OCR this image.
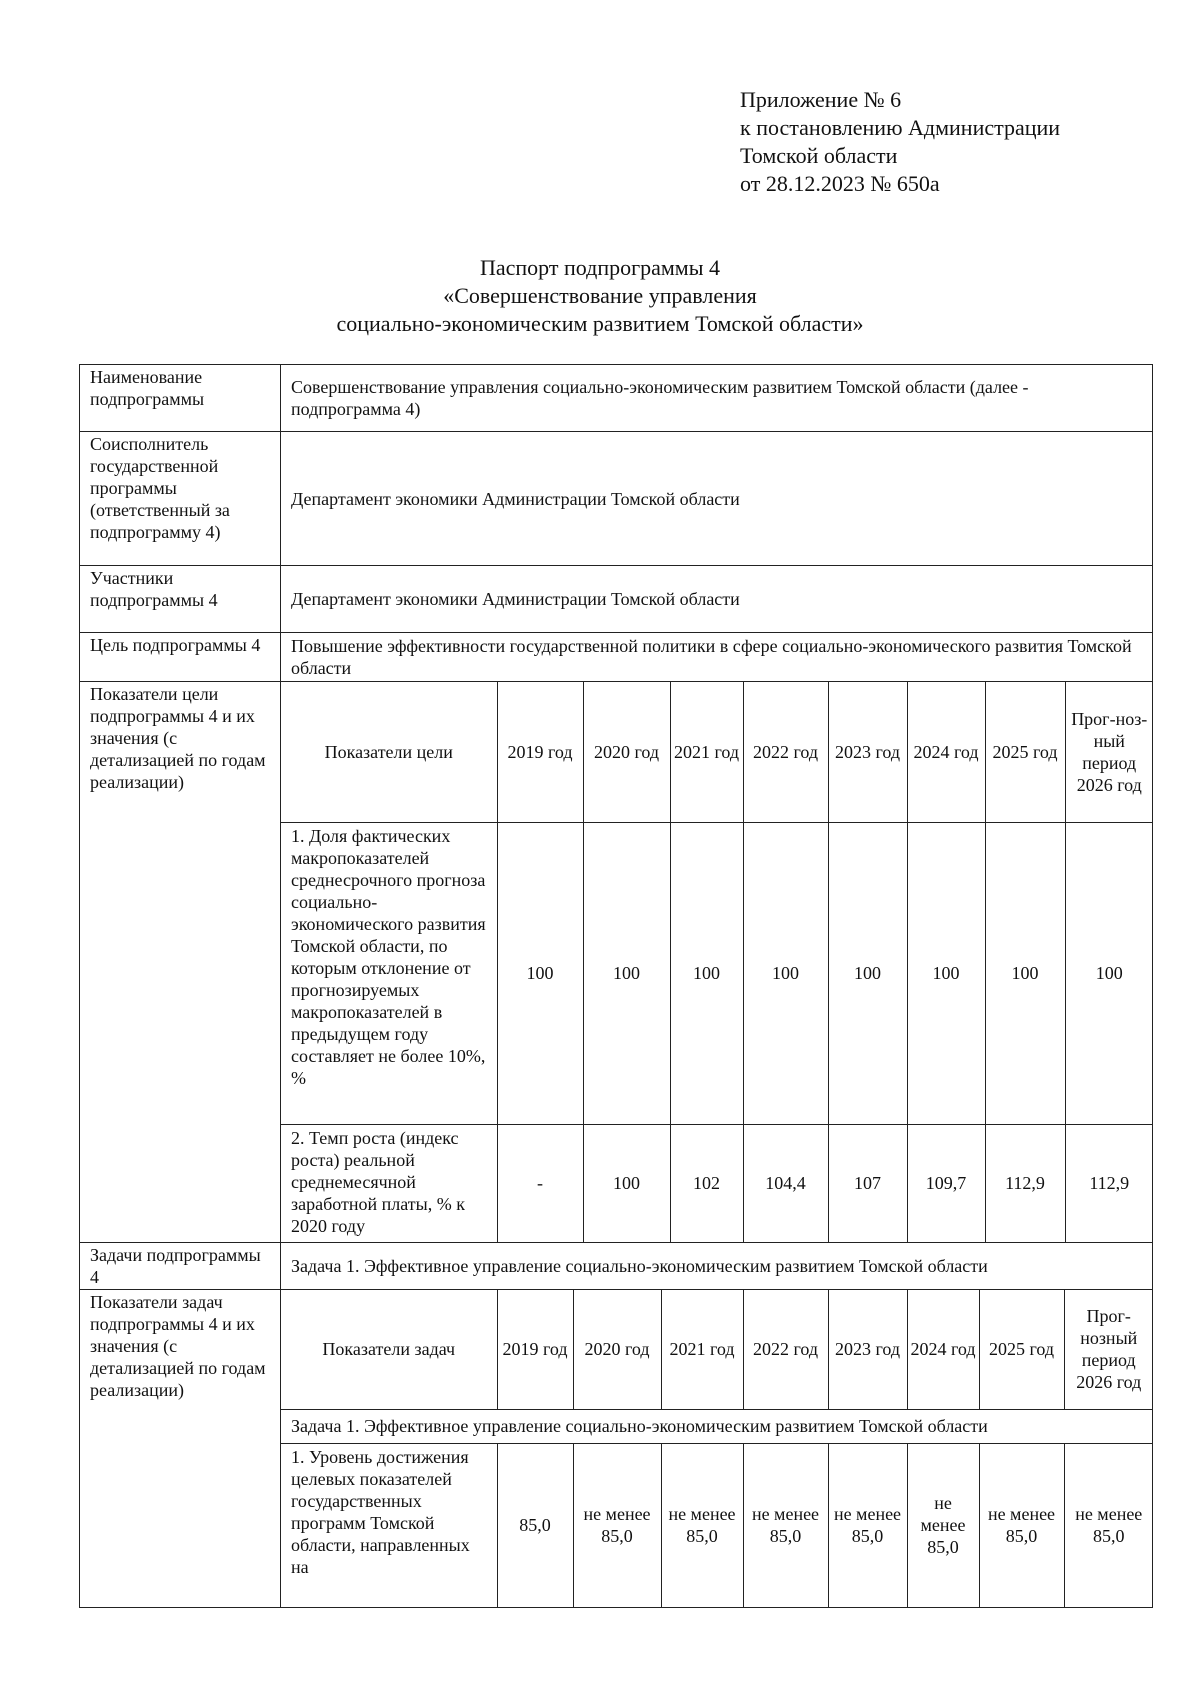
Приложение № 6
к постановлению Администрации
Томской области
от 28.12.2023 № 650а
Паспорт подпрограммы 4
«Совершенствование управления
социально-экономическим развитием Томской области»
Наименование подпрограммы	Совершенствование управления социально-экономическим развитием Томской области (далее - подпрограмма 4)
Соисполнитель государственной программы (ответственный за подпрограмму 4)	Департамент экономики Администрации Томской области
Участники подпрограммы 4	Департамент экономики Администрации Томской области
Цель подпрограммы 4	Повышение эффективности государственной политики в сфере социально-экономического развития Томской области
Показатели цели подпрограммы 4 и их значения (с детализацией по годам реализации)	
Показатели цели	2019 год	2020 год	2021 год	2022 год	2023 год	2024 год	2025 год	Прог-ноз-ный период 2026 год
1. Доля фактических макропоказателей среднесрочного прогноза социально-экономического развития Томской области, по которым отклонение от прогнозируемых макропоказателей в предыдущем году составляет не более 10%, %	100	100	100	100	100	100	100	100
2. Темп роста (индекс роста) реальной среднемесячной заработной платы, % к 2020 году	-	100	102	104,4	107	109,7	112,9	112,9

Задачи подпрограммы 4	Задача 1. Эффективное управление социально-экономическим развитием Томской области
Показатели задач подпрограммы 4 и их значения (с детализацией по годам реализации)	
Показатели задач	2019 год	2020 год	2021 год	2022 год	2023 год	2024 год	2025 год	Прог-нозный период 2026 год
Задача 1. Эффективное управление социально-экономическим развитием Томской области
1. Уровень достижения целевых показателей государственных программ Томской области, направленных на	85,0	не менее 85,0	не менее 85,0	не менее 85,0	не менее 85,0	не менее 85,0	не менее 85,0	не менее 85,0
